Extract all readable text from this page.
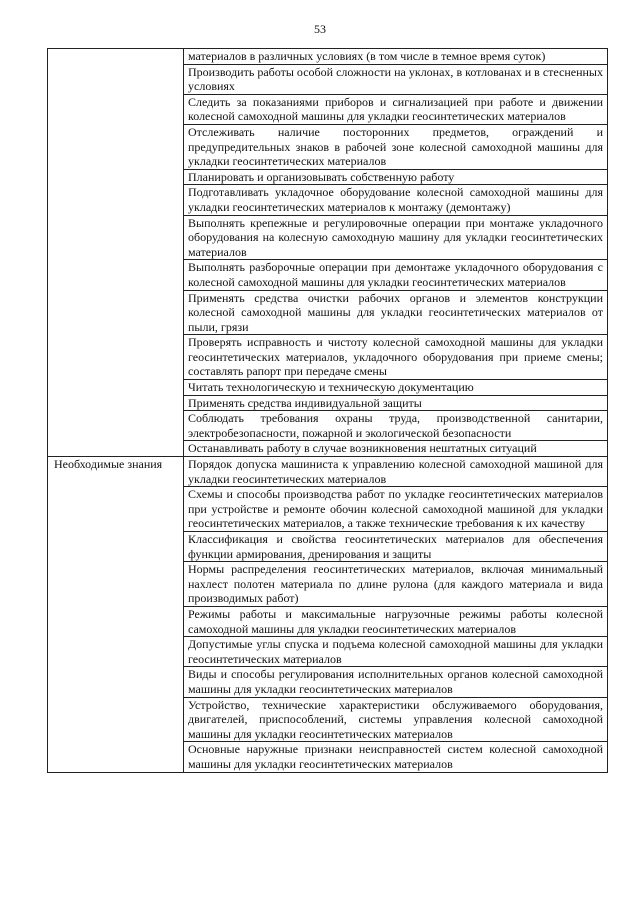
53
	материалов в различных условиях (в том числе в темное время суток)
	Производить работы особой сложности на уклонах, в котлованах и в стесненных условиях
	Следить за показаниями приборов и сигнализацией при работе и движении колесной самоходной машины для укладки геосинтетических материалов
	Отслеживать наличие посторонних предметов, ограждений и предупредительных знаков в рабочей зоне колесной самоходной машины для укладки геосинтетических материалов
	Планировать и организовывать собственную работу
	Подготавливать укладочное оборудование колесной самоходной машины для укладки геосинтетических материалов к монтажу (демонтажу)
	Выполнять крепежные и регулировочные операции при монтаже укладочного оборудования на колесную самоходную машину для укладки геосинтетических материалов
	Выполнять разборочные операции при демонтаже укладочного оборудования с колесной самоходной машины для укладки геосинтетических материалов
	Применять средства очистки рабочих органов и элементов конструкции колесной самоходной машины для укладки геосинтетических материалов от пыли, грязи
	Проверять исправность и чистоту колесной самоходной машины для укладки геосинтетических материалов, укладочного оборудования при приеме смены; составлять рапорт при передаче смены
	Читать технологическую и техническую документацию
	Применять средства индивидуальной защиты
	Соблюдать требования охраны труда, производственной санитарии, электробезопасности, пожарной и экологической безопасности
	Останавливать работу в случае возникновения нештатных ситуаций

Необходимые знания	Порядок допуска машиниста к управлению колесной самоходной машиной для укладки геосинтетических материалов
	Схемы и способы производства работ по укладке геосинтетических материалов при устройстве и ремонте обочин колесной самоходной машиной для укладки геосинтетических материалов, а также технические требования к их качеству
	Классификация и свойства геосинтетических материалов для обеспечения функции армирования, дренирования и защиты
	Нормы распределения геосинтетических материалов, включая минимальный нахлест полотен материала по длине рулона (для каждого материала и вида производимых работ)
	Режимы работы и максимальные нагрузочные режимы работы колесной самоходной машины для укладки геосинтетических материалов
	Допустимые углы спуска и подъема колесной самоходной машины для укладки геосинтетических материалов
	Виды и способы регулирования исполнительных органов колесной самоходной машины для укладки геосинтетических материалов
	Устройство, технические характеристики обслуживаемого оборудования, двигателей, приспособлений, системы управления колесной самоходной машины для укладки геосинтетических материалов
	Основные наружные признаки неисправностей систем колесной самоходной машины для укладки геосинтетических материалов
